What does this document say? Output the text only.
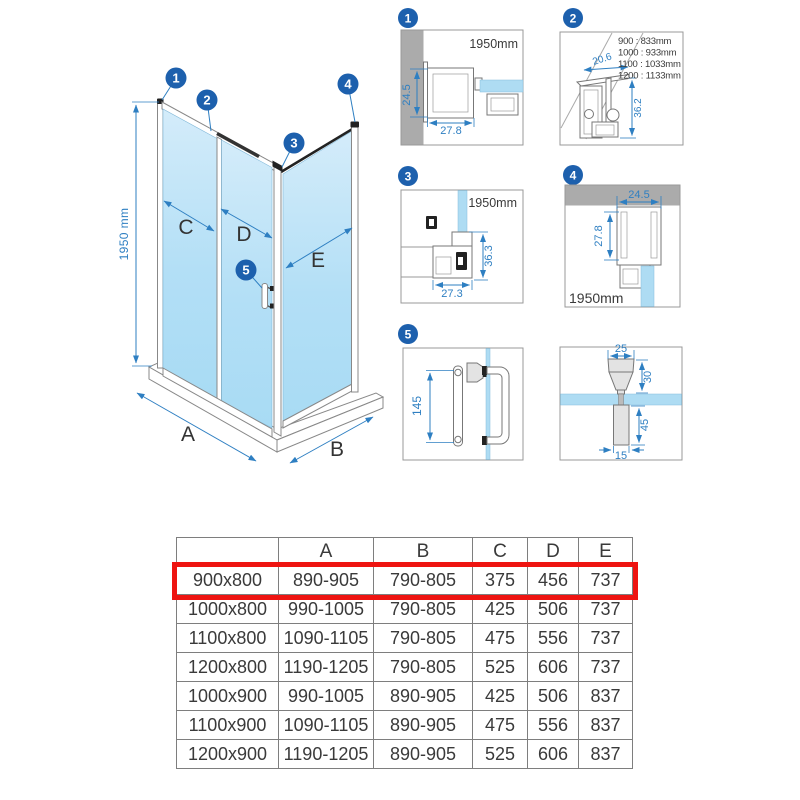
1950 mm C D
E
A
B
1
2
3
4
5
1
24.5
27.8
1950mm
2
20.6
36.2
900 : 833mm
1000 : 933mm
1100 : 1033mm
1200 : 1133mm
3
36.3
27.3
1950mm
4
24.5
27.8
1950mm
5
145
25
30
45
15
	A	B	C	D	E
900x800	890-905	790-805	375	456	737
1000x800	990-1005	790-805	425	506	737
1100x800	1090-1105	790-805	475	556	737
1200x800	1190-1205	790-805	525	606	737
1000x900	990-1005	890-905	425	506	837
1100x900	1090-1105	890-905	475	556	837
1200x900	1190-1205	890-905	525	606	837
